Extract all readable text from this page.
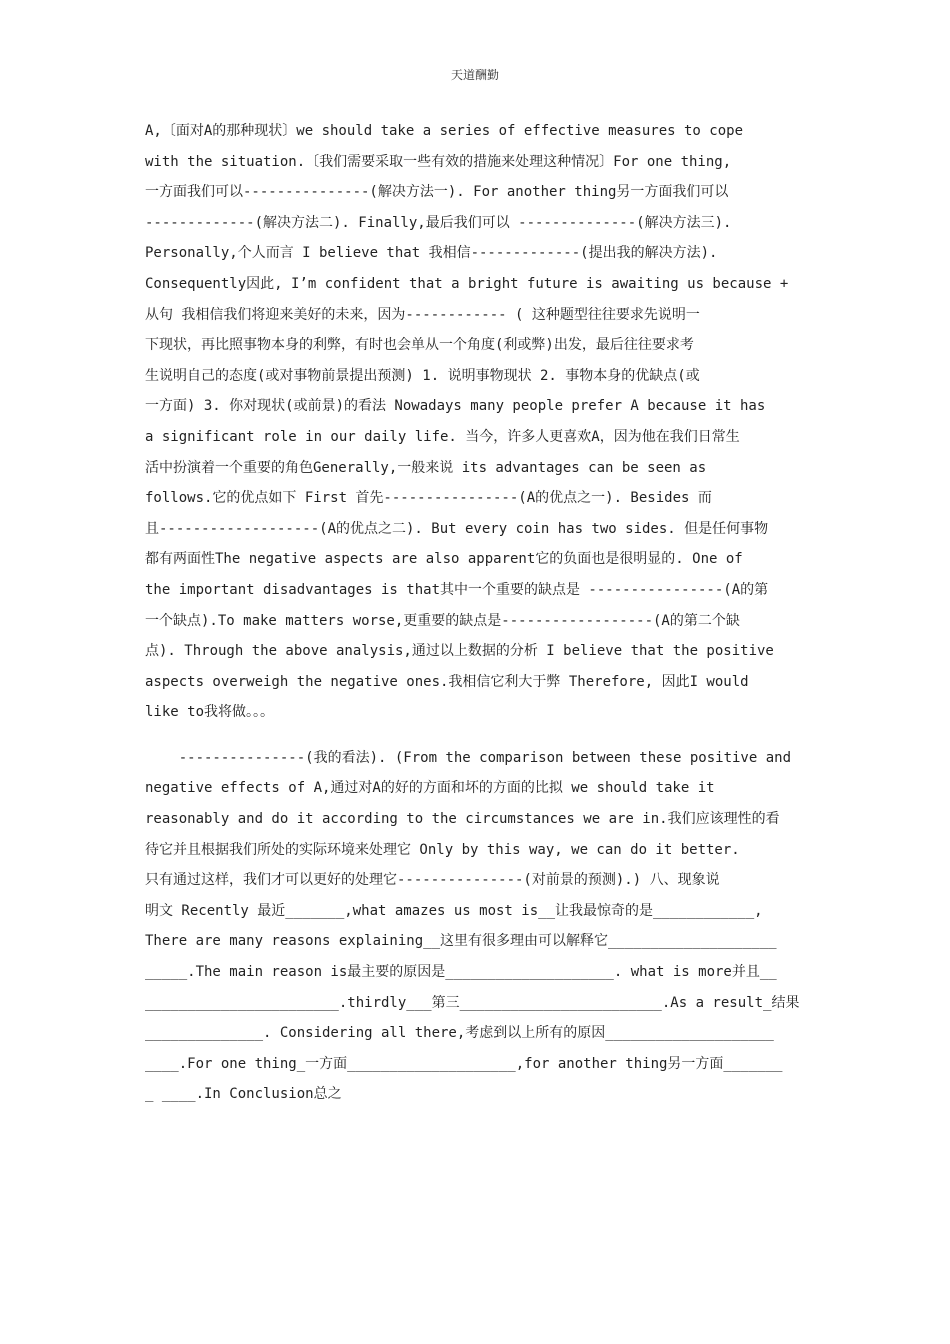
天道酬勤
A,〔面对A的那种现状〕we should take a series of effective measures to cope
with the situation.〔我们需要采取一些有效的措施来处理这种情况〕For one thing,
一方面我们可以---------------(解决方法一). For another thing另一方面我们可以
-------------(解决方法二). Finally,最后我们可以 --------------(解决方法三).
Personally,个人而言 I believe that 我相信-------------(提出我的解决方法).
Consequently因此, I’m confident that a bright future is awaiting us because +
从句 我相信我们将迎来美好的未来，因为------------ ( 这种题型往往要求先说明一
下现状，再比照事物本身的利弊，有时也会单从一个角度(利或弊)出发，最后往往要求考
生说明自己的态度(或对事物前景提出预测) 1. 说明事物现状 2. 事物本身的优缺点(或
一方面) 3. 你对现状(或前景)的看法 Nowadays many people prefer A because it has
a significant role in our daily life. 当今，许多人更喜欢A，因为他在我们日常生
活中扮演着一个重要的角色Generally,一般来说 its advantages can be seen as
follows.它的优点如下 First 首先----------------(A的优点之一). Besides 而
且-------------------(A的优点之二). But every coin has two sides. 但是任何事物
都有两面性The negative aspects are also apparent它的负面也是很明显的. One of
the important disadvantages is that其中一个重要的缺点是 ----------------(A的第
一个缺点).To make matters worse,更重要的缺点是------------------(A的第二个缺
点). Through the above analysis,通过以上数据的分析 I believe that the positive
aspects overweigh the negative ones.我相信它利大于弊 Therefore, 因此I would
like to我将做。。。
---------------(我的看法). (From the comparison between these positive and
negative effects of A,通过对A的好的方面和坏的方面的比拟 we should take it
reasonably and do it according to the circumstances we are in.我们应该理性的看
待它并且根据我们所处的实际环境来处理它 Only by this way, we can do it better.
只有通过这样，我们才可以更好的处理它---------------(对前景的预测).) 八、现象说
明文 Recently 最近_______,what amazes us most is__让我最惊奇的是____________,
There are many reasons explaining__这里有很多理由可以解释它____________________
_____.The main reason is最主要的原因是____________________. what is more并且__
_______________________.thirdly___第三________________________.As a result_结果
______________. Considering all there,考虑到以上所有的原因____________________
____.For one thing_一方面____________________,for another thing另一方面_______
_ ____.In Conclusion总之
